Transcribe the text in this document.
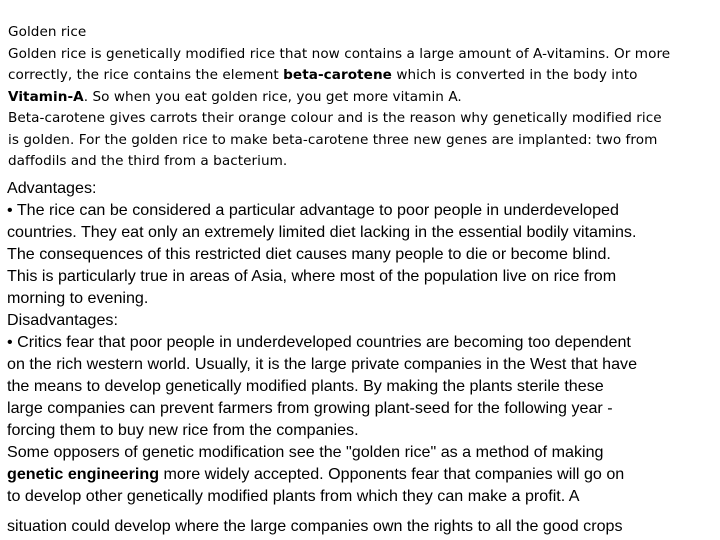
Golden rice
Golden rice is genetically modified rice that now contains a large amount of A-vitamins. Or more
correctly, the rice contains the element beta-carotene which is converted in the body into
Vitamin-A. So when you eat golden rice, you get more vitamin A.
Beta-carotene gives carrots their orange colour and is the reason why genetically modified rice
is golden. For the golden rice to make beta-carotene three new genes are implanted: two from
daffodils and the third from a bacterium.
Advantages:
• The rice can be considered a particular advantage to poor people in underdeveloped
countries. They eat only an extremely limited diet lacking in the essential bodily vitamins.
The consequences of this restricted diet causes many people to die or become blind.
This is particularly true in areas of Asia, where most of the population live on rice from
morning to evening.
Disadvantages:
• Critics fear that poor people in underdeveloped countries are becoming too dependent
on the rich western world. Usually, it is the large private companies in the West that have
the means to develop genetically modified plants. By making the plants sterile these
large companies can prevent farmers from growing plant-seed for the following year -
forcing them to buy new rice from the companies.
Some opposers of genetic modification see the "golden rice" as a method of making
genetic engineering more widely accepted. Opponents fear that companies will go on
to develop other genetically modified plants from which they can make a profit. A
situation could develop where the large companies own the rights to all the good crops
